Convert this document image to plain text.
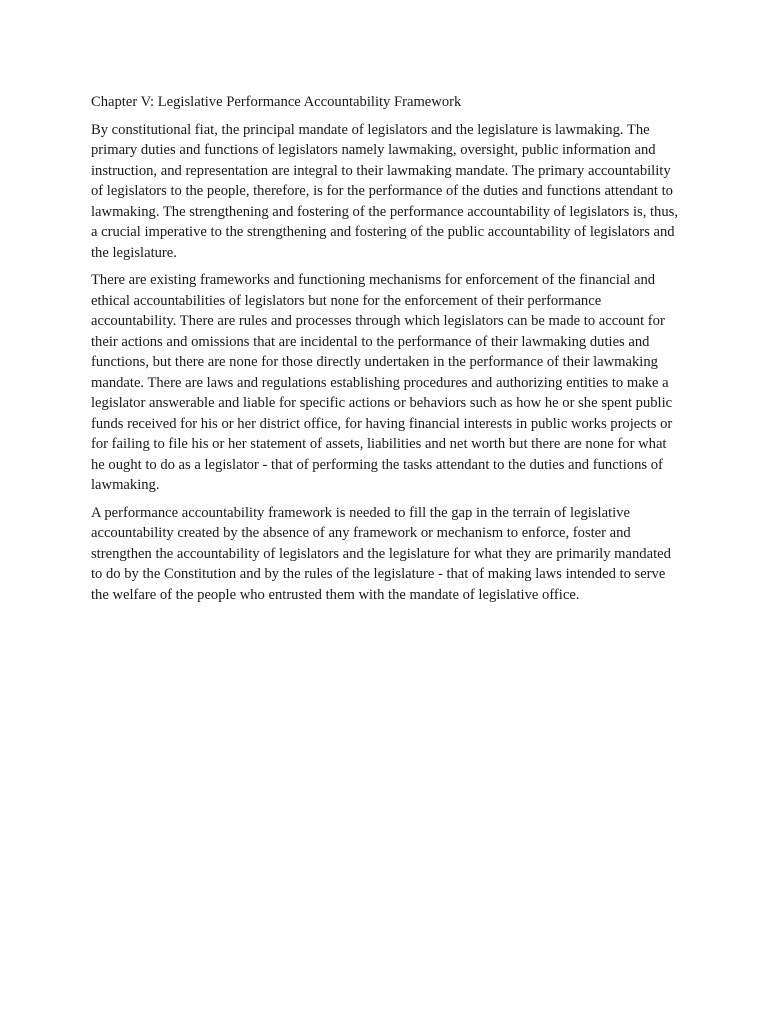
Chapter V: Legislative Performance Accountability Framework

By constitutional fiat, the principal mandate of legislators and the legislature is lawmaking. The primary duties and functions of legislators namely lawmaking, oversight, public information and instruction, and representation are integral to their lawmaking mandate. The primary accountability of legislators to the people, therefore, is for the performance of the duties and functions attendant to lawmaking. The strengthening and fostering of the performance accountability of legislators is, thus, a crucial imperative to the strengthening and fostering of the public accountability of legislators and the legislature.

There are existing frameworks and functioning mechanisms for enforcement of the financial and ethical accountabilities of legislators but none for the enforcement of their performance accountability. There are rules and processes through which legislators can be made to account for their actions and omissions that are incidental to the performance of their lawmaking duties and functions, but there are none for those directly undertaken in the performance of their lawmaking mandate. There are laws and regulations establishing procedures and authorizing entities to make a legislator answerable and liable for specific actions or behaviors such as how he or she spent public funds received for his or her district office, for having financial interests in public works projects or for failing to file his or her statement of assets, liabilities and net worth but there are none for what he ought to do as a legislator - that of performing the tasks attendant to the duties and functions of lawmaking.

A performance accountability framework is needed to fill the gap in the terrain of legislative accountability created by the absence of any framework or mechanism to enforce, foster and strengthen the accountability of legislators and the legislature for what they are primarily mandated to do by the Constitution and by the rules of the legislature - that of making laws intended to serve the welfare of the people who entrusted them with the mandate of legislative office.
